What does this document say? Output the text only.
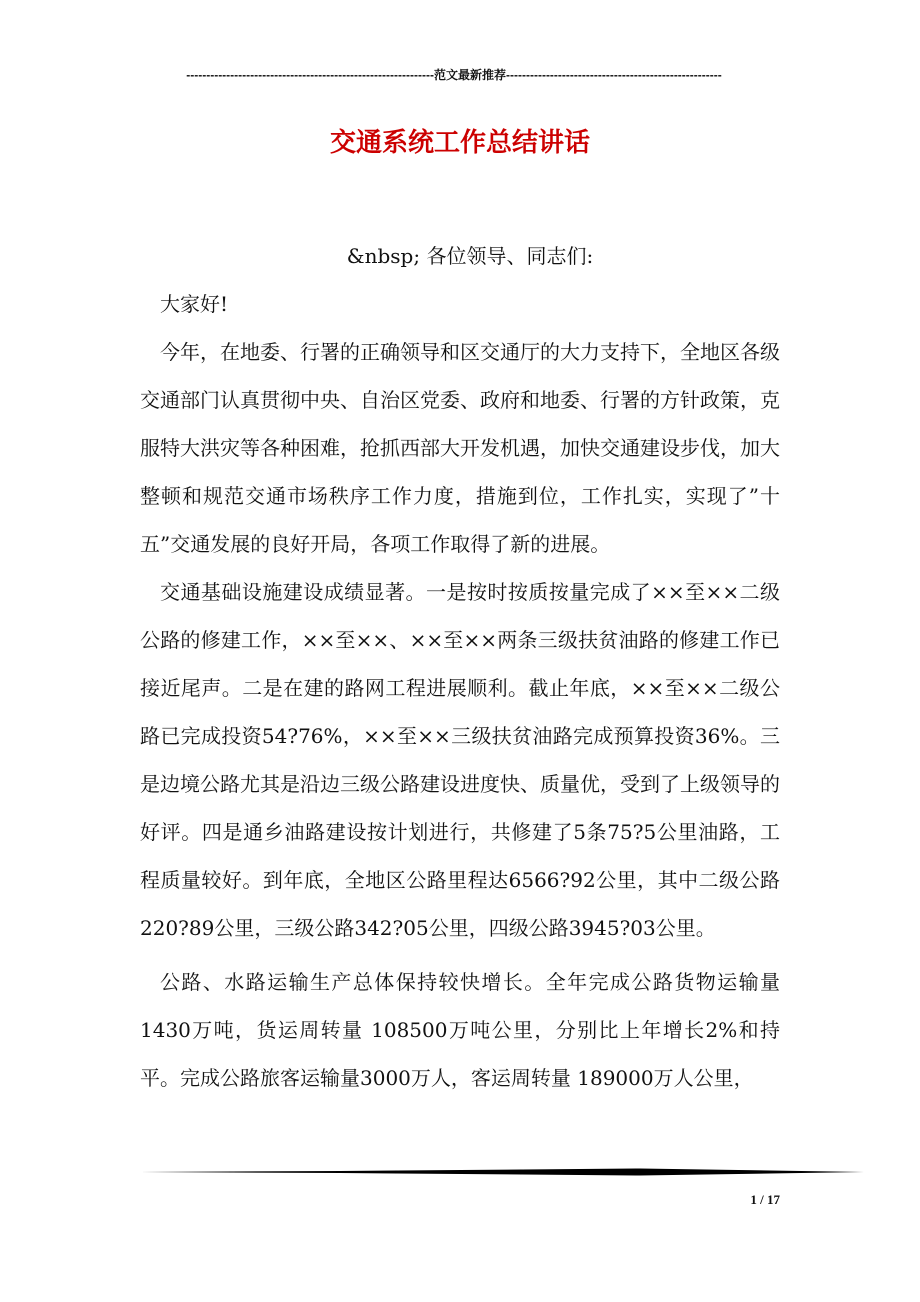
--------------------------------------------------------------范文最新推荐------------------------------------------------------
交通系统工作总结讲话

&nbsp; 各位领导、同志们:

大家好!

今年，在地委、行署的正确领导和区交通厅的大力支持下，全地区各级交通部门认真贯彻中央、自治区党委、政府和地委、行署的方针政策，克服特大洪灾等各种困难，抢抓西部大开发机遇，加快交通建设步伐，加大整顿和规范交通市场秩序工作力度，措施到位，工作扎实，实现了”十五”交通发展的良好开局，各项工作取得了新的进展。

交通基础设施建设成绩显著。一是按时按质按量完成了××至××二级公路的修建工作，××至××、××至××两条三级扶贫油路的修建工作已接近尾声。二是在建的路网工程进展顺利。截止年底，××至××二级公路已完成投资54?76%，××至××三级扶贫油路完成预算投资36%。三是边境公路尤其是沿边三级公路建设进度快、质量优，受到了上级领导的好评。四是通乡油路建设按计划进行，共修建了5条75?5公里油路，工程质量较好。到年底，全地区公路里程达6566?92公里，其中二级公路220?89公里，三级公路342?05公里，四级公路3945?03公里。

公路、水路运输生产总体保持较快增长。全年完成公路货物运输量1430万吨，货运周转量 108500万吨公里，分别比上年增长2%和持平。完成公路旅客运输量3000万人，客运周转量 189000万人公里，

1 / 17
